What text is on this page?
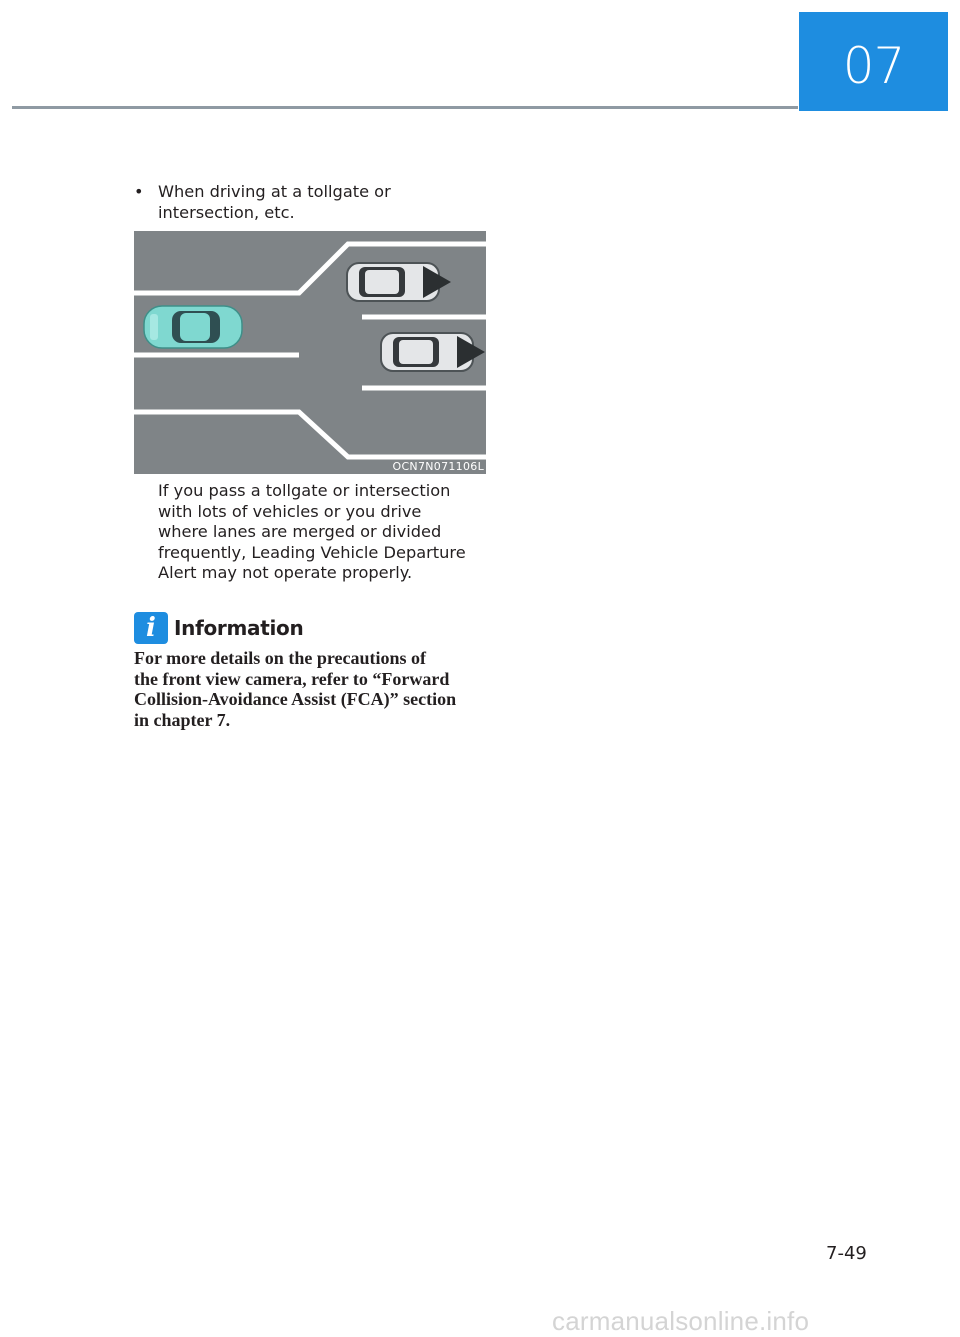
07
• When driving at a tollgate or
intersection, etc.
OCN7N071106L
If you pass a tollgate or intersection
with lots of vehicles or you drive
where lanes are merged or divided
frequently, Leading Vehicle Departure
Alert may not operate properly.
i Information
For more details on the precautions of
the front view camera, refer to “Forward
Collision-Avoidance Assist (FCA)” section
in chapter 7.
7-49
carmanualsonline.info
